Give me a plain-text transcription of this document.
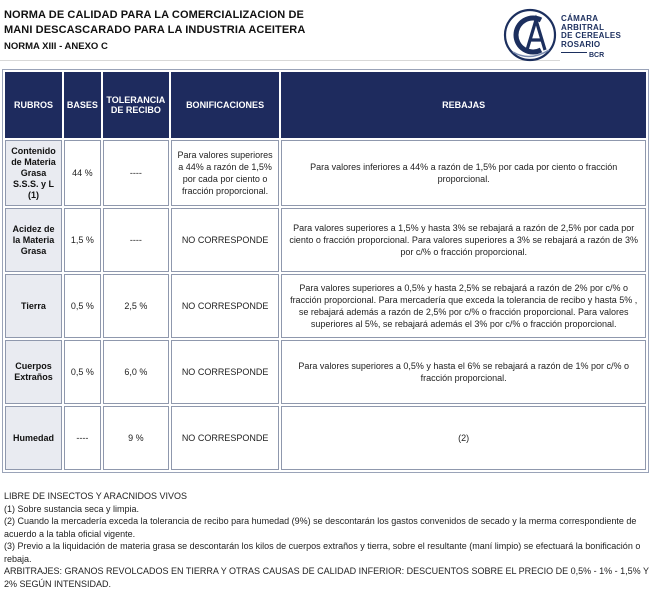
NORMA DE CALIDAD PARA LA COMERCIALIZACION DE
MANI DESCASCARADO PARA LA INDUSTRIA ACEITERA
NORMA XIII - ANEXO C
CÁMARA
ARBITRAL
DE CEREALES
ROSARIO
BCR
RUBROS	BASES	TOLERANCIA DE RECIBO	BONIFICACIONES	REBAJAS
Contenido de Materia Grasa S.S.S. y L (1)	44 %	----	Para valores superiores a 44% a razón de 1,5% por cada por ciento o fracción proporcional.	Para valores inferiores a 44% a razón de 1,5% por cada por ciento o fracción proporcional.
Acidez de la Materia Grasa	1,5 %	----	NO CORRESPONDE	Para valores superiores a 1,5% y hasta 3% se rebajará a razón de 2,5% por cada por ciento o fracción proporcional. Para valores superiores a 3% se rebajará a razón de 3% por c/% o fracción proporcional.
Tierra	0,5 %	2,5 %	NO CORRESPONDE	Para valores superiores a 0,5% y hasta 2,5% se rebajará a razón de 2% por c/% o fracción proporcional. Para mercadería que exceda la tolerancia de recibo y hasta 5% , se rebajará además a razón de 2,5% por c/% o fracción proporcional. Para valores superiores al 5%, se rebajará además el 3% por c/% o fracción proporcional.
Cuerpos Extraños	0,5 %	6,0 %	NO CORRESPONDE	Para valores superiores a 0,5% y hasta el 6% se rebajará a razón de 1% por c/% o fracción proporcional.
Humedad	----	9 %	NO CORRESPONDE	(2)

LIBRE DE INSECTOS Y ARACNIDOS VIVOS

(1) Sobre sustancia seca y limpia.

(2) Cuando la mercadería exceda la tolerancia de recibo para humedad (9%) se descontarán los gastos convenidos de secado y la merma correspondiente de acuerdo a la tabla oficial vigente.

(3) Previo a la liquidación de materia grasa se descontarán los kilos de cuerpos extraños y tierra, sobre el resultante (maní limpio) se efectuará la bonificación o rebaja.

ARBITRAJES: GRANOS REVOLCADOS EN TIERRA Y OTRAS CAUSAS DE CALIDAD INFERIOR: DESCUENTOS SOBRE EL PRECIO DE 0,5% - 1% - 1,5% Y 2% SEGÚN INTENSIDAD.
